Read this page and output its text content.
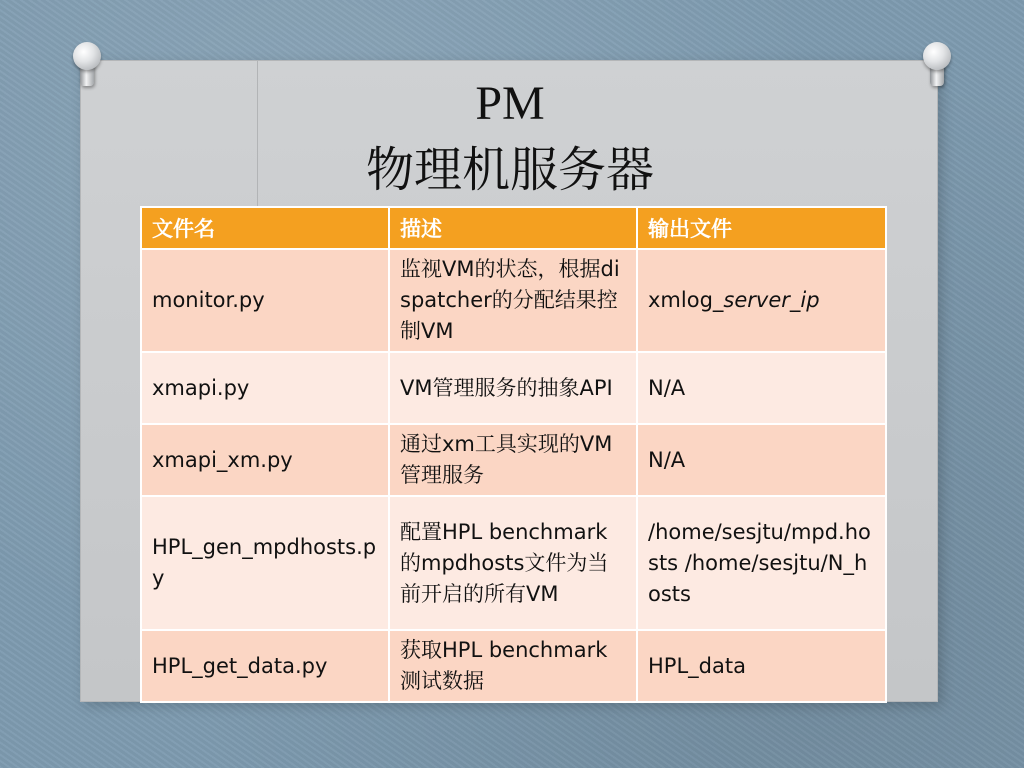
PM
物理机服务器
文件名	描述	输出文件
monitor.py	监视VM的状态，根据dispatcher的分配结果控制VM	xmlog_server_ip
xmapi.py	VM管理服务的抽象API	N/A
xmapi_xm.py	通过xm工具实现的VM管理服务	N/A
HPL_gen_mpdhosts.py	配置HPL benchmark的mpdhosts文件为当前开启的所有VM	/home/sesjtu/mpd.hosts /home/sesjtu/N_hosts
HPL_get_data.py	获取HPL benchmark测试数据	HPL_data
